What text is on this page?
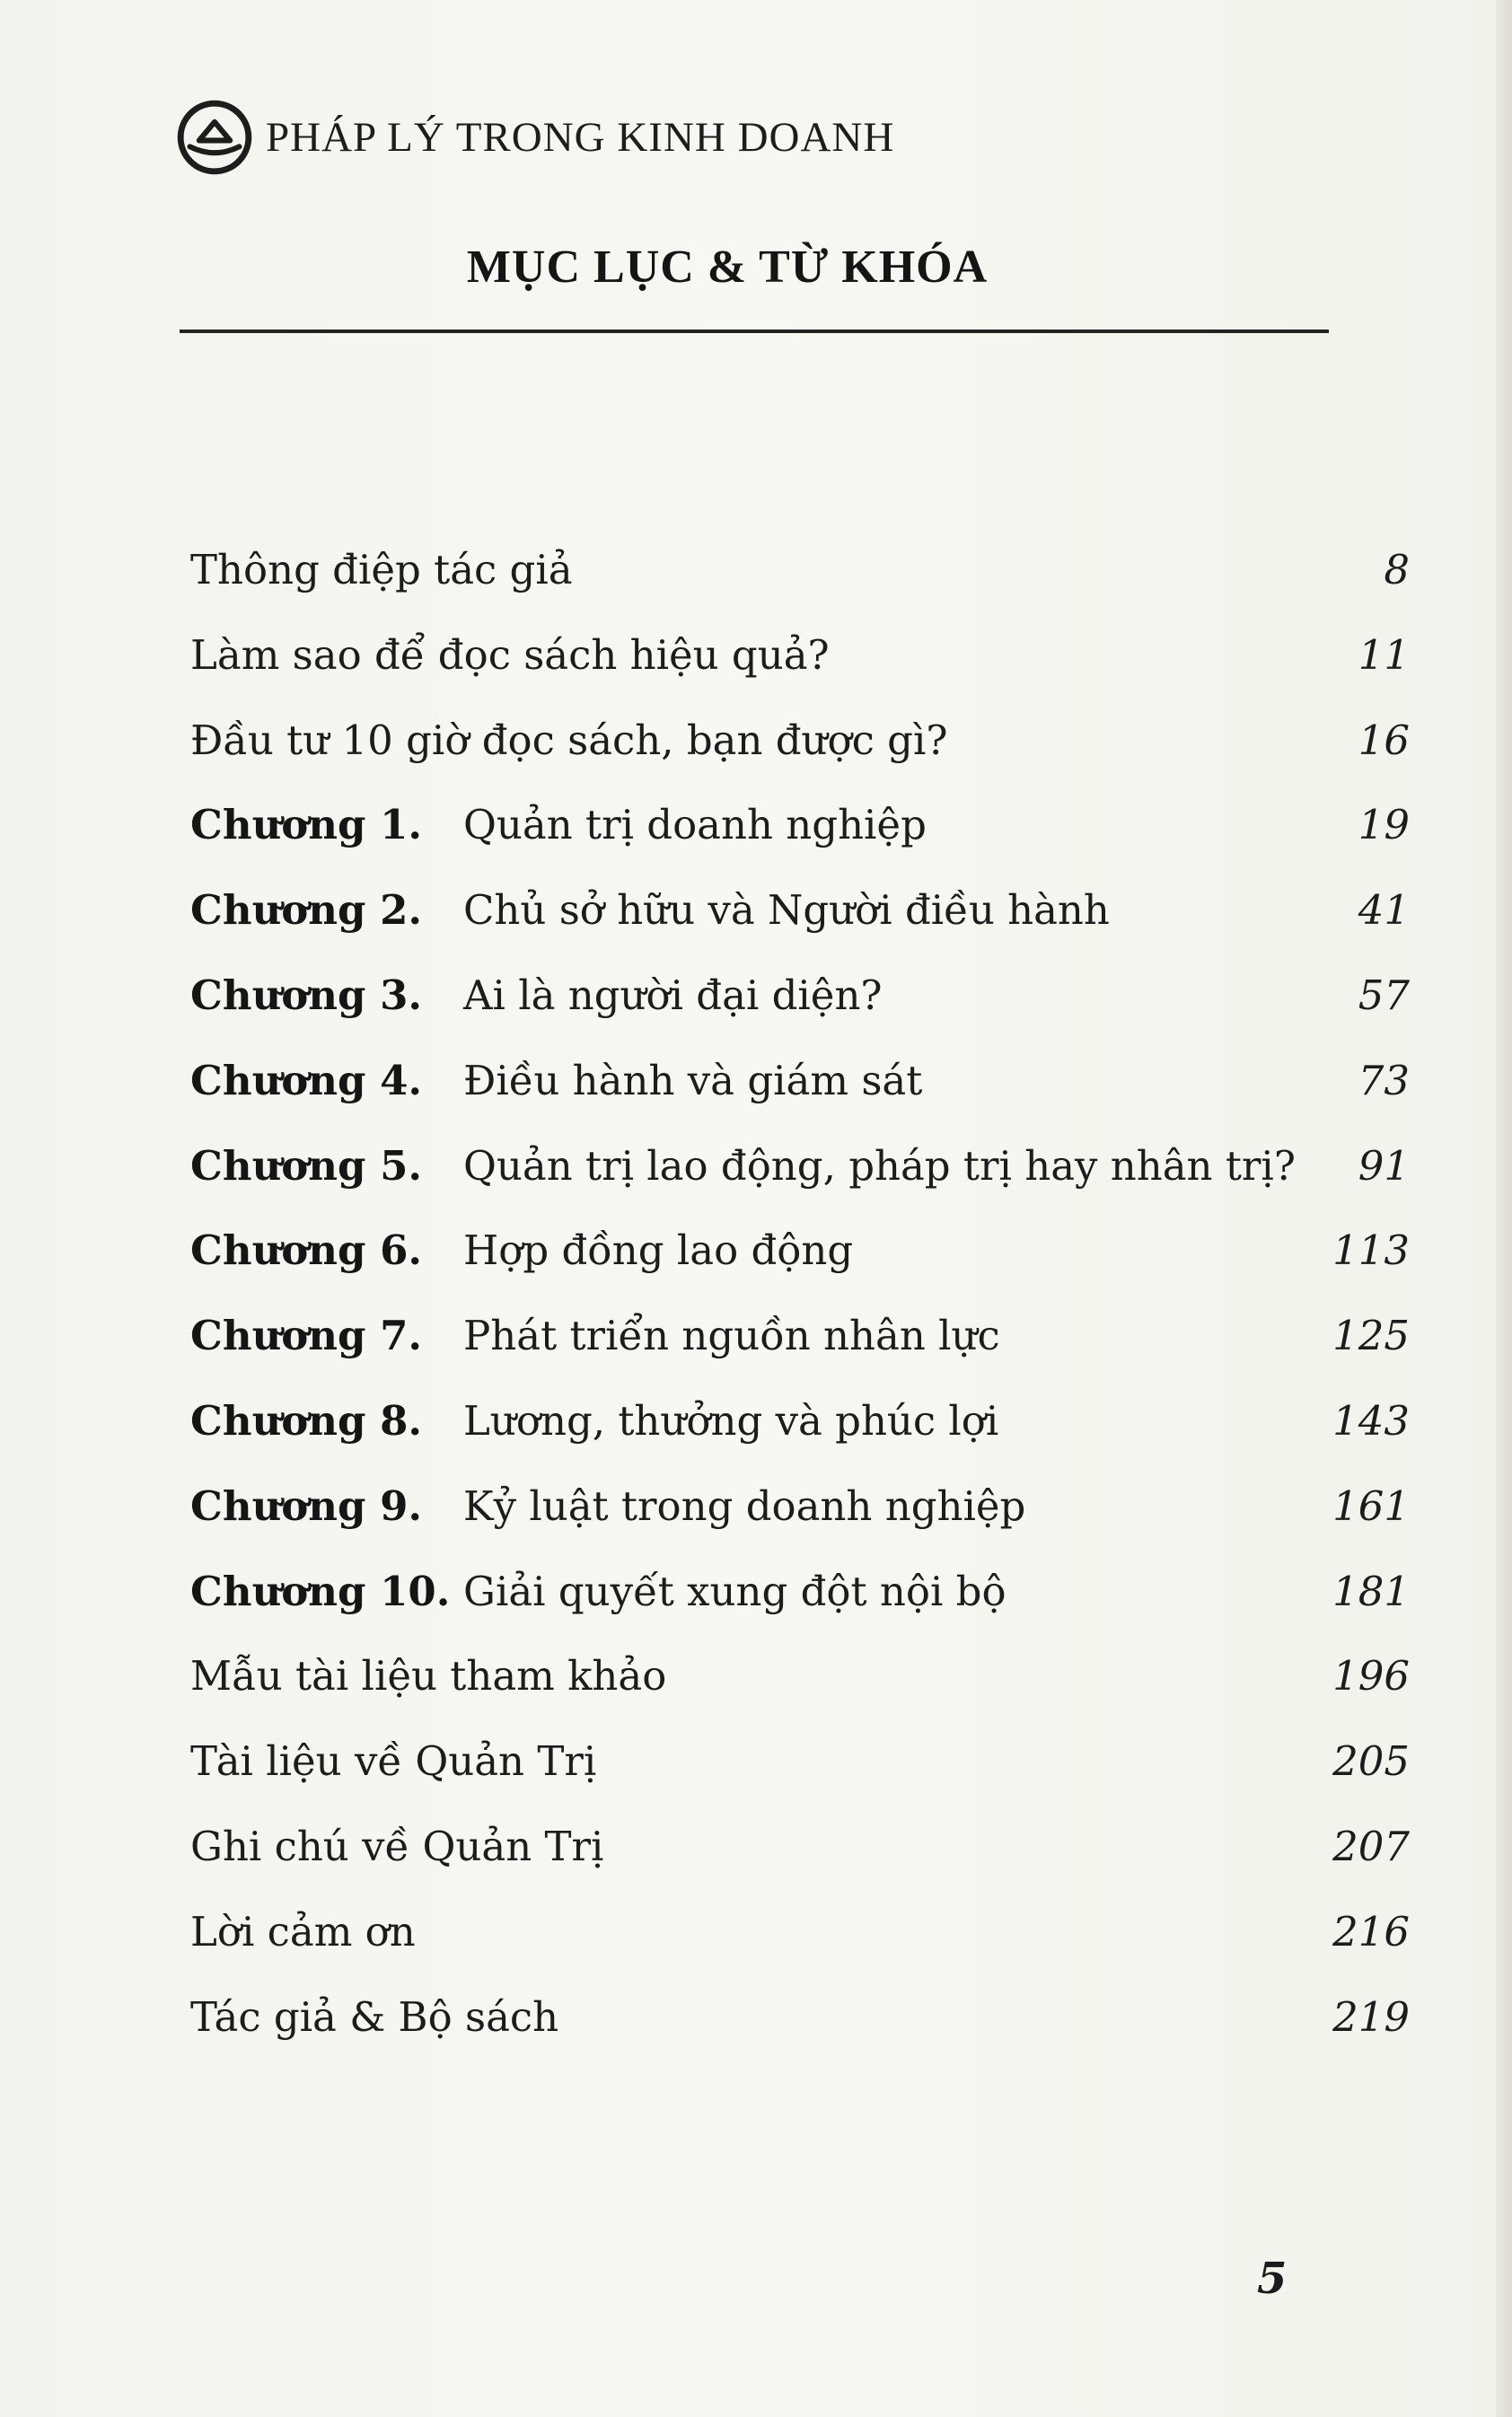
PHÁP LÝ TRONG KINH DOANH
MỤC LỤC & TỪ KHÓA
Thông điệp tác giả	8
Làm sao để đọc sách hiệu quả?	11
Đầu tư 10 giờ đọc sách, bạn được gì?	16
Chương 1. Quản trị doanh nghiệp	19
Chương 2. Chủ sở hữu và Người điều hành	41
Chương 3. Ai là người đại diện?	57
Chương 4. Điều hành và giám sát	73
Chương 5. Quản trị lao động, pháp trị hay nhân trị? 91
Chương 6. Hợp đồng lao động	113
Chương 7. Phát triển nguồn nhân lực	125
Chương 8. Lương, thưởng và phúc lợi	143
Chương 9. Kỷ luật trong doanh nghiệp	161
Chương 10. Giải quyết xung đột nội bộ	181
Mẫu tài liệu tham khảo	196
Tài liệu về Quản Trị	205
Ghi chú về Quản Trị	207
Lời cảm ơn	216
Tác giả & Bộ sách	219
5
